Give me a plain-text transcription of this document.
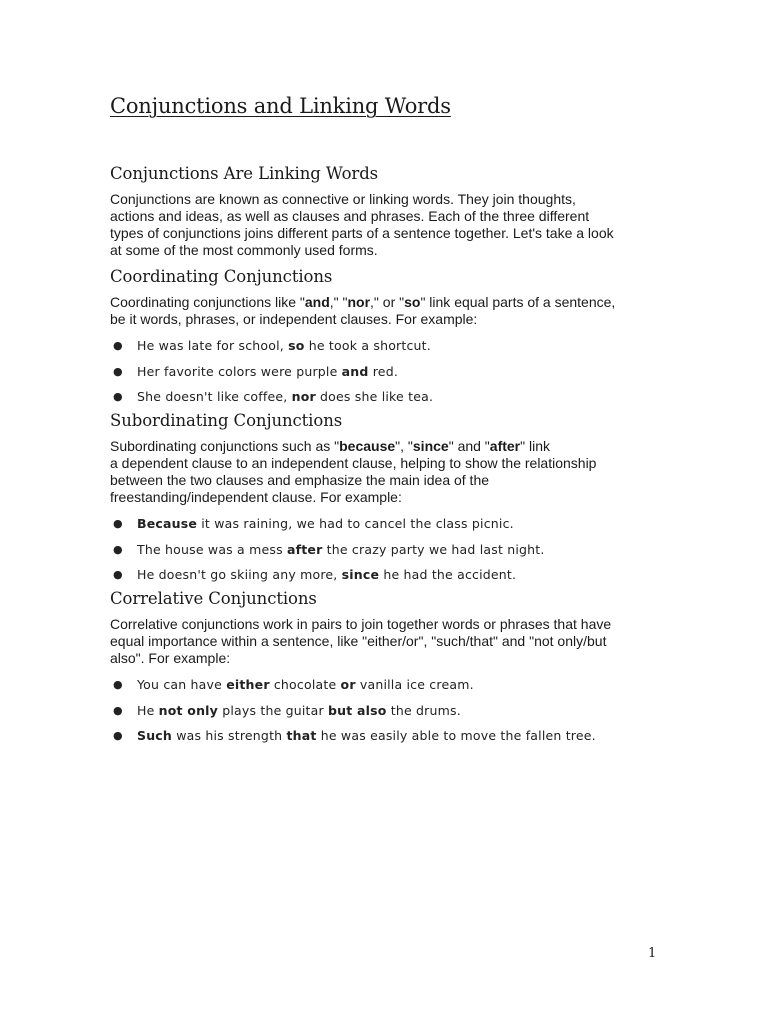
Conjunctions and Linking Words
Conjunctions Are Linking Words

Conjunctions are known as connective or linking words. They join thoughts,
actions and ideas, as well as clauses and phrases. Each of the three different
types of conjunctions joins different parts of a sentence together. Let's take a look
at some of the most commonly used forms.

Coordinating Conjunctions

Coordinating conjunctions like "and," "nor," or "so" link equal parts of a sentence,
be it words, phrases, or independent clauses. For example:

● He was late for school, so he took a shortcut.
● Her favorite colors were purple and red.
● She doesn't like coffee, nor does she like tea.
Subordinating Conjunctions

Subordinating conjunctions such as "because", "since" and "after" link
a dependent clause to an independent clause, helping to show the relationship
between the two clauses and emphasize the main idea of the
freestanding/independent clause. For example:

● Because it was raining, we had to cancel the class picnic.
● The house was a mess after the crazy party we had last night.
● He doesn't go skiing any more, since he had the accident.
Correlative Conjunctions

Correlative conjunctions work in pairs to join together words or phrases that have
equal importance within a sentence, like "either/or", "such/that" and "not only/but
also". For example:

● You can have either chocolate or vanilla ice cream.
● He not only plays the guitar but also the drums.
● Such was his strength that he was easily able to move the fallen tree.
1
